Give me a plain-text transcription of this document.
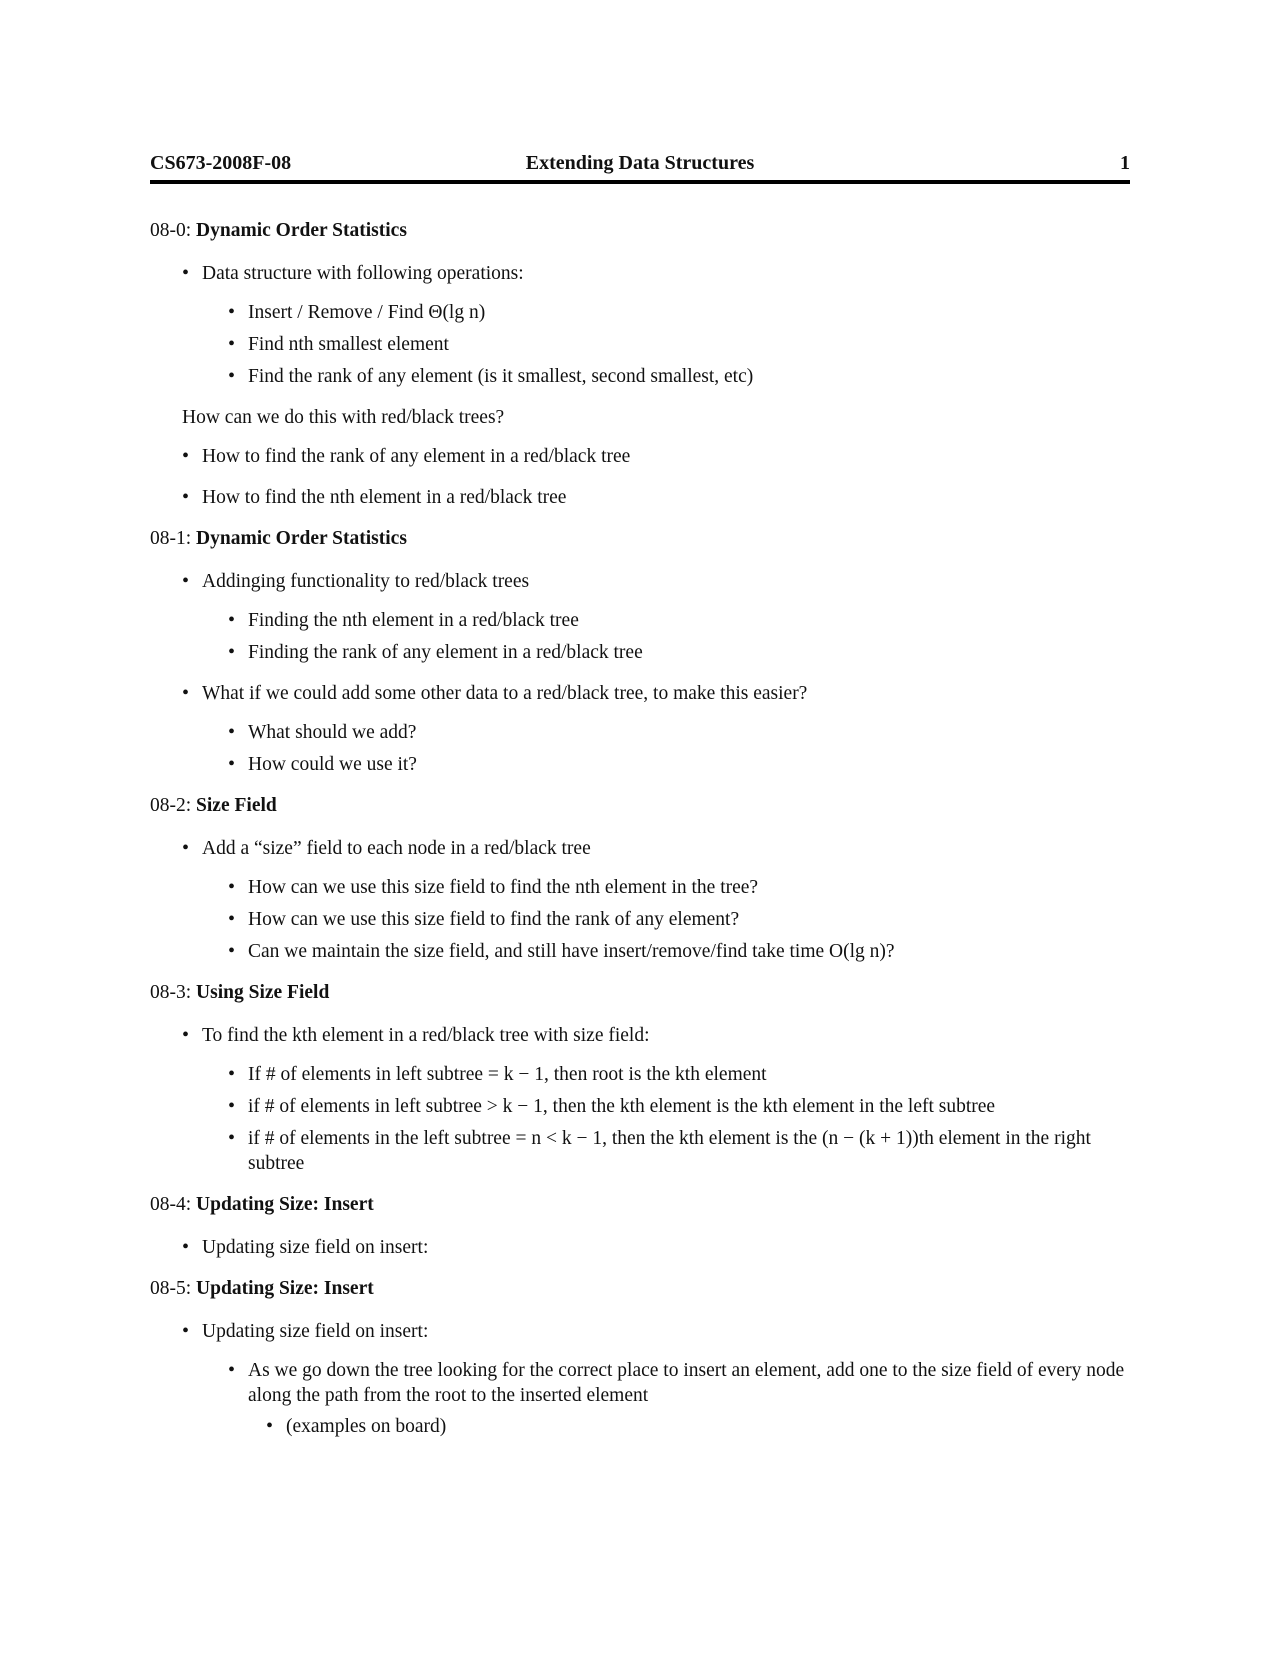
CS673-2008F-08	Extending Data Structures	1
08-0: Dynamic Order Statistics
• Data structure with following operations:
• Insert / Remove / Find Θ(lg n)
• Find nth smallest element
• Find the rank of any element (is it smallest, second smallest, etc)
How can we do this with red/black trees?
• How to find the rank of any element in a red/black tree
• How to find the nth element in a red/black tree
08-1: Dynamic Order Statistics
• Addinging functionality to red/black trees
• Finding the nth element in a red/black tree
• Finding the rank of any element in a red/black tree
• What if we could add some other data to a red/black tree, to make this easier?
• What should we add?
• How could we use it?
08-2: Size Field
• Add a “size” field to each node in a red/black tree
• How can we use this size field to find the nth element in the tree?
• How can we use this size field to find the rank of any element?
• Can we maintain the size field, and still have insert/remove/find take time O(lg n)?
08-3: Using Size Field
• To find the kth element in a red/black tree with size field:
• If # of elements in left subtree = k − 1, then root is the kth element
• if # of elements in left subtree > k − 1, then the kth element is the kth element in the left subtree
• if # of elements in the left subtree = n < k − 1, then the kth element is the (n − (k + 1))th element in the right subtree
08-4: Updating Size: Insert
• Updating size field on insert:
08-5: Updating Size: Insert
• Updating size field on insert:
• As we go down the tree looking for the correct place to insert an element, add one to the size field of every node along the path from the root to the inserted element
• (examples on board)
